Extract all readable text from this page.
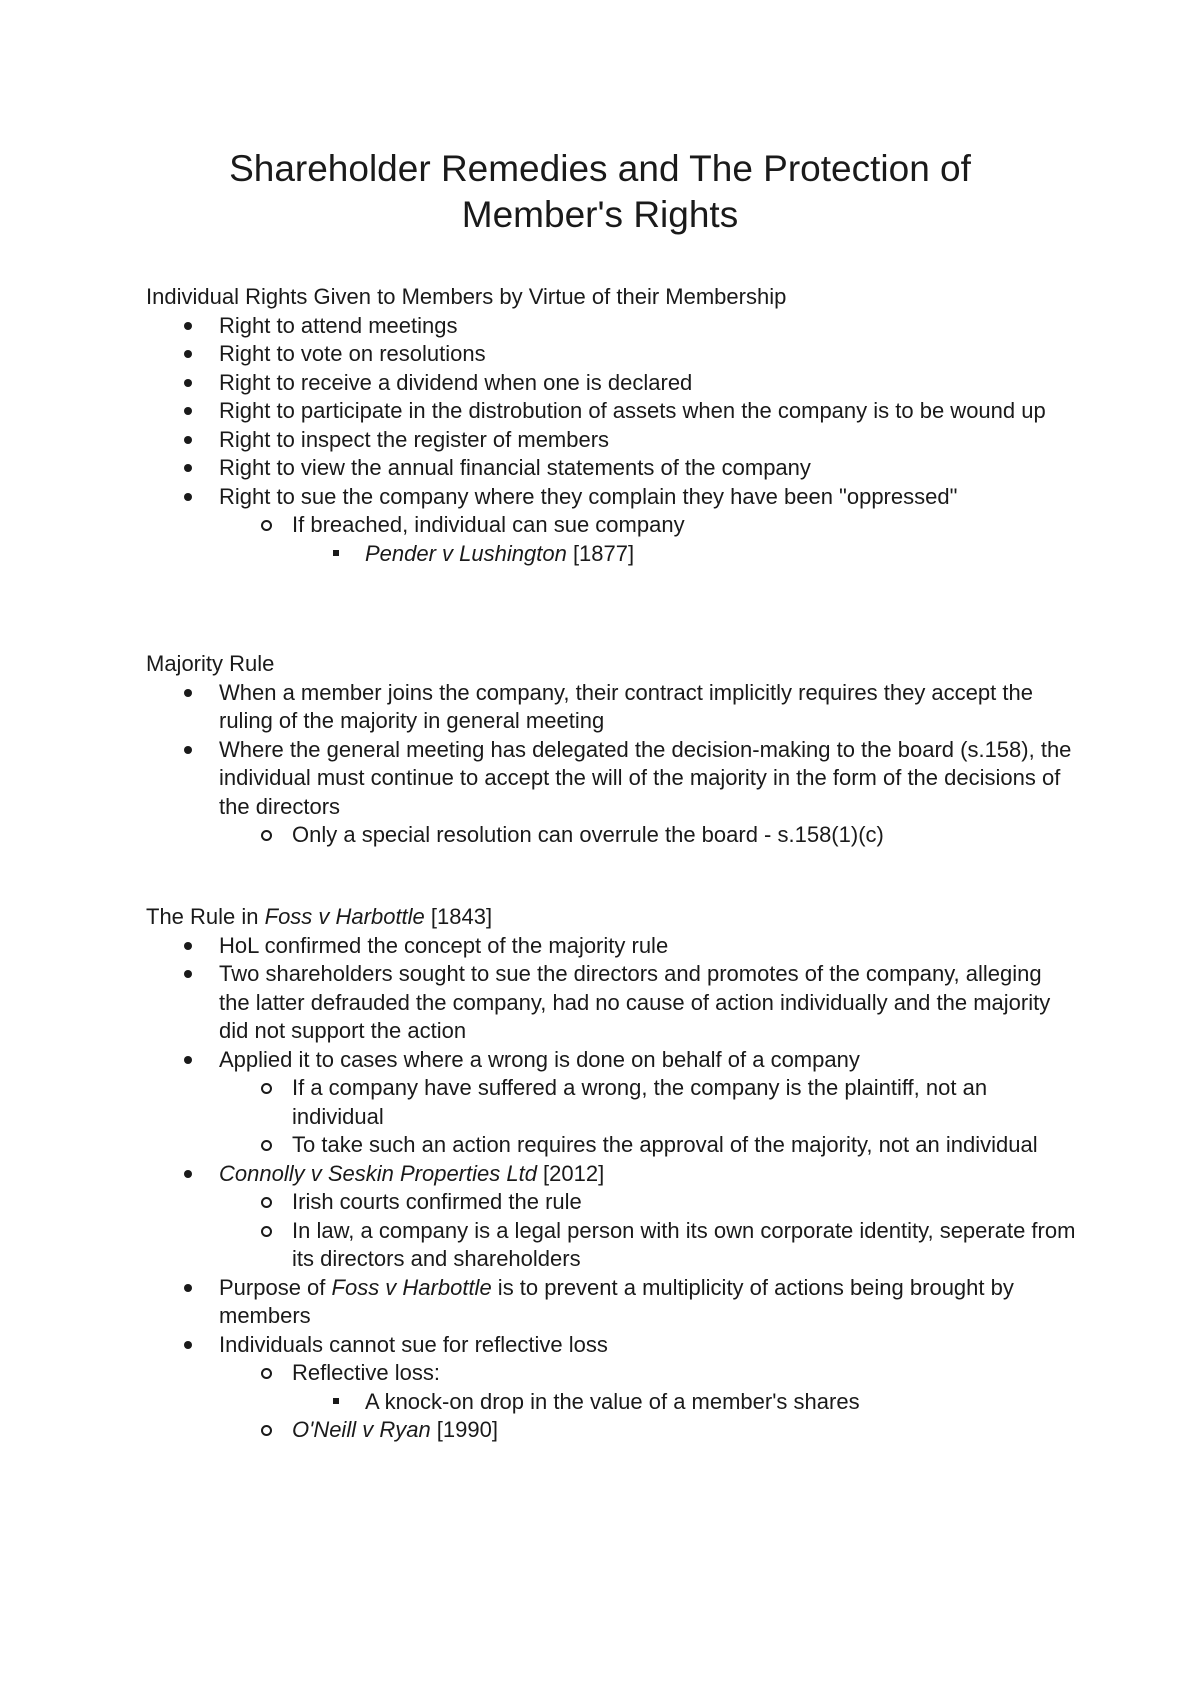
Shareholder Remedies and The Protection of
Member's Rights

Individual Rights Given to Members by Virtue of their Membership

Right to attend meetings
Right to vote on resolutions
Right to receive a dividend when one is declared
Right to participate in the distrobution of assets when the company is to be wound up
Right to inspect the register of members
Right to view the annual financial statements of the company
Right to sue the company where they complain they have been "oppressed"
If breached, individual can sue company
Pender v Lushington [1877]

Majority Rule

When a member joins the company, their contract implicitly requires they accept the ruling of the majority in general meeting
Where the general meeting has delegated the decision-making to the board (s.158), the individual must continue to accept the will of the majority in the form of the decisions of the directors
Only a special resolution can overrule the board - s.158(1)(c)

The Rule in Foss v Harbottle [1843]

HoL confirmed the concept of the majority rule
Two shareholders sought to sue the directors and promotes of the company, alleging the latter defrauded the company, had no cause of action individually and the majority did not support the action
Applied it to cases where a wrong is done on behalf of a company
If a company have suffered a wrong, the company is the plaintiff, not an individual
To take such an action requires the approval of the majority, not an individual
Connolly v Seskin Properties Ltd [2012]
Irish courts confirmed the rule
In law, a company is a legal person with its own corporate identity, seperate from its directors and shareholders
Purpose of Foss v Harbottle is to prevent a multiplicity of actions being brought by members
Individuals cannot sue for reflective loss
Reflective loss:
A knock-on drop in the value of a member's shares
O'Neill v Ryan [1990]
